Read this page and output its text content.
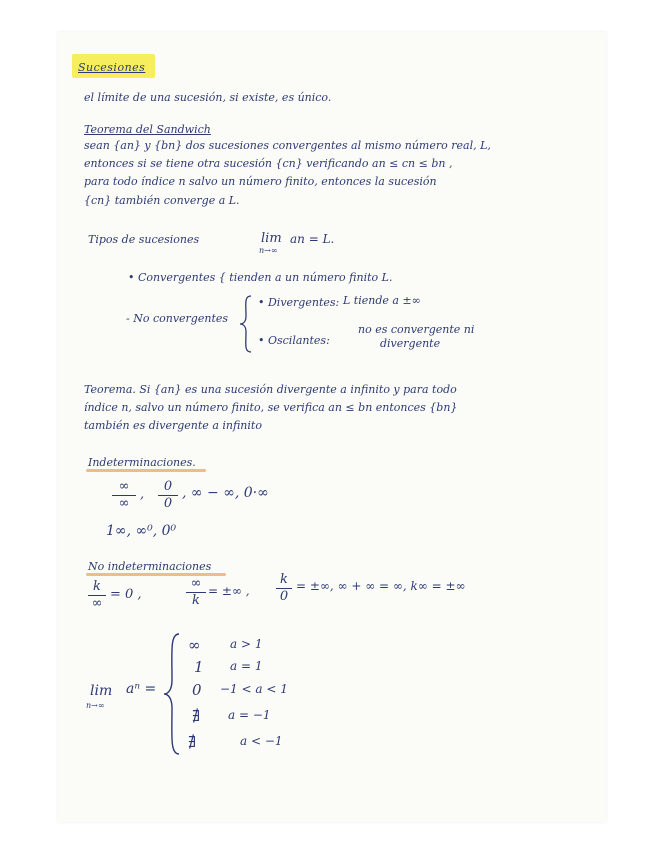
Sucesiones
el límite de una sucesión, si existe, es único.
Teorema del Sandwich
sean {an} y {bn} dos sucesiones convergentes al mismo número real, L,
entonces si se tiene otra sucesión {cn} verificando an ≤ cn ≤ bn ,
para todo índice n salvo un número finito, entonces la sucesión
{cn} también converge a L.
Tipos de sucesiones	lim
n→∞
an = L.
• Convergentes { tienden a un número finito L.
- No convergentes
• Divergentes: L tiende a ±∞
• Oscilantes:
no es convergente ni
divergente
Teorema. Si {an} es una sucesión divergente a infinito y para todo
índice n, salvo un número finito, se verifica an ≤ bn entonces {bn}
también es divergente a infinito
Indeterminaciones.
∞
∞
,
0
0
, ∞ − ∞, 0·∞
1∞, ∞⁰, 0⁰
No indeterminaciones
k
∞
= 0 ,
∞
k
= ±∞ ,
k
0
= ±∞, ∞ + ∞ = ∞, k∞ = ±∞
lim
n→∞
aⁿ =
∞ a > 1
1 a = 1
0 −1 < a < 1
∄ a = −1
∄	a < −1
